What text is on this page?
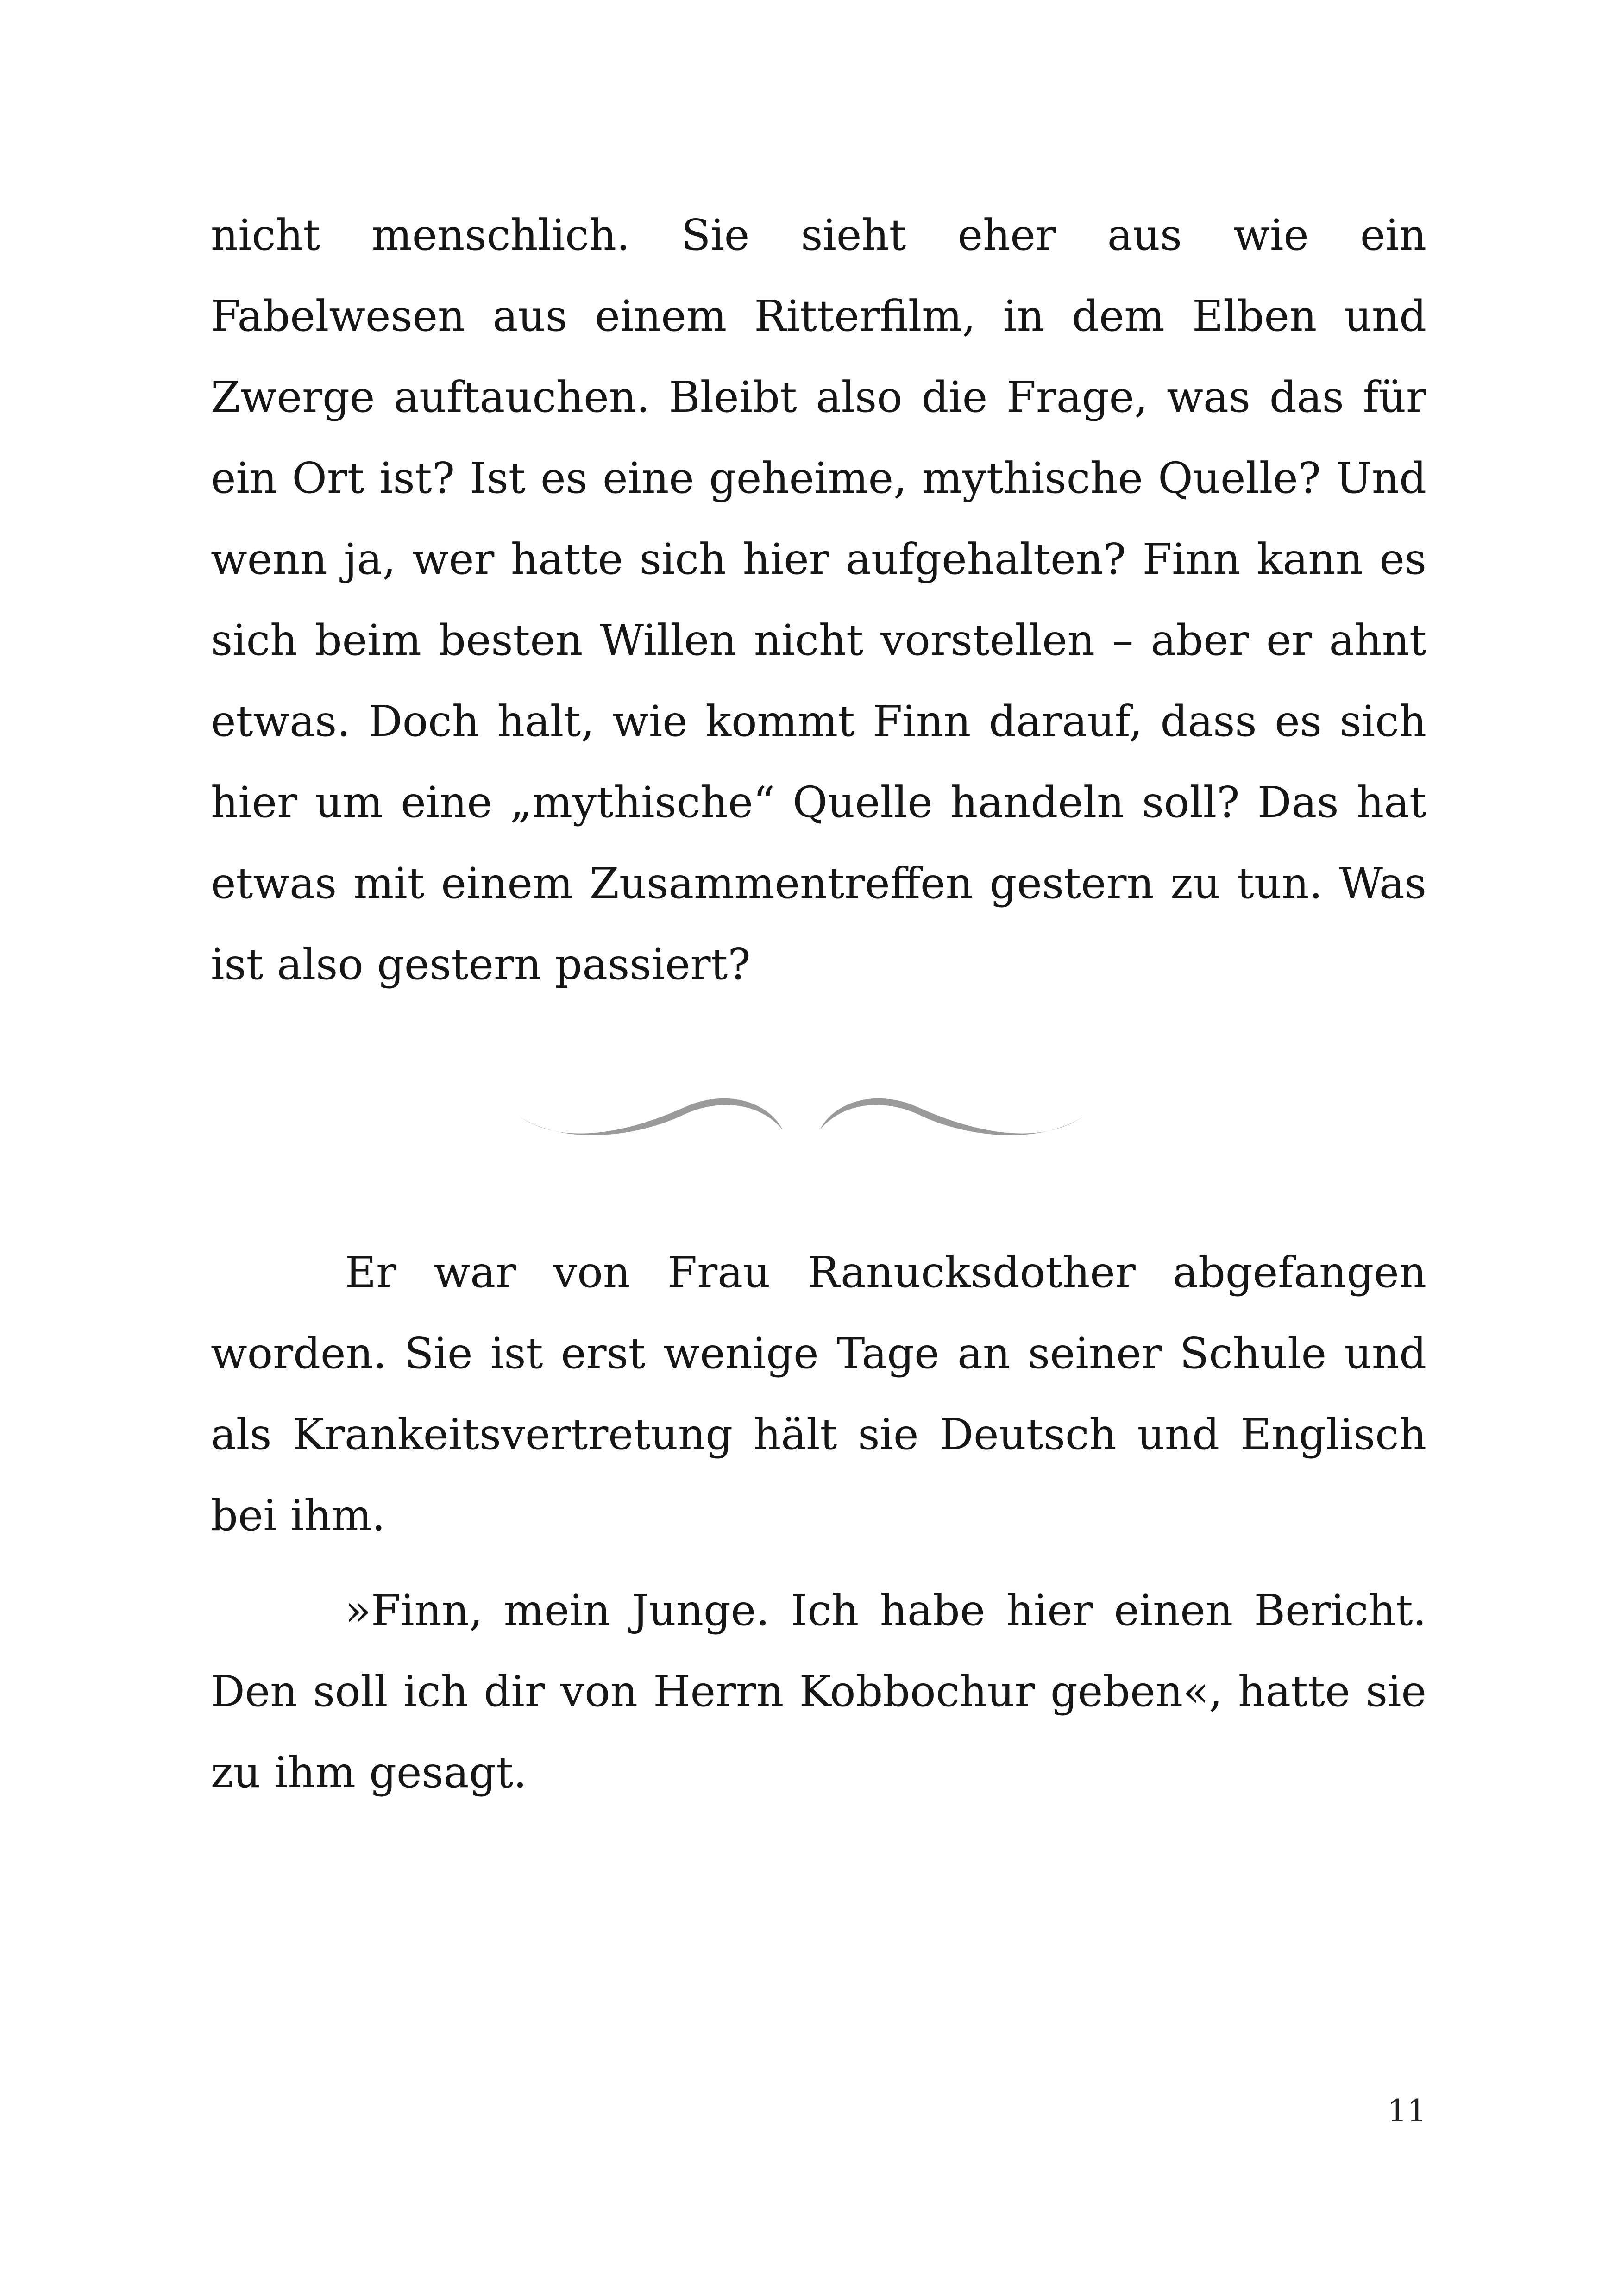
nicht menschlich. Sie sieht eher aus wie ein Fabelwesen aus einem Ritterfilm, in dem Elben und Zwerge auftauchen. Bleibt also die Frage, was das für ein Ort ist? Ist es eine geheime, mythische Quelle? Und wenn ja, wer hatte sich hier aufgehalten? Finn kann es sich beim besten Willen nicht vorstellen – aber er ahnt etwas. Doch halt, wie kommt Finn darauf, dass es sich hier um eine „mythische“ Quelle handeln soll? Das hat etwas mit einem Zusammentreffen gestern zu tun. Was ist also gestern passiert?

Er war von Frau Ranucksdother abgefangen worden. Sie ist erst wenige Tage an seiner Schule und als Krankeitsvertretung hält sie Deutsch und Englisch bei ihm.

»Finn, mein Junge. Ich habe hier einen Bericht. Den soll ich dir von Herrn Kobbochur geben«, hatte sie zu ihm gesagt.

11
